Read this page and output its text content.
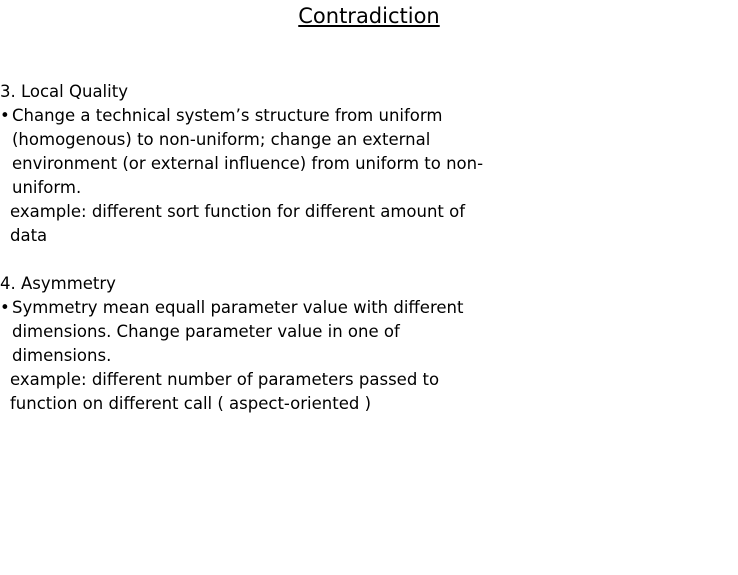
Contradiction
3. Local Quality
• Change a technical system’s structure from uniform
(homogenous) to non-uniform; change an external
environment (or external influence) from uniform to non-
uniform.
example: different sort function for different amount of
data
4. Asymmetry
• Symmetry mean equall parameter value with different
dimensions. Change parameter value in one of
dimensions.
example: different number of parameters passed to
function on different call ( aspect-oriented )
